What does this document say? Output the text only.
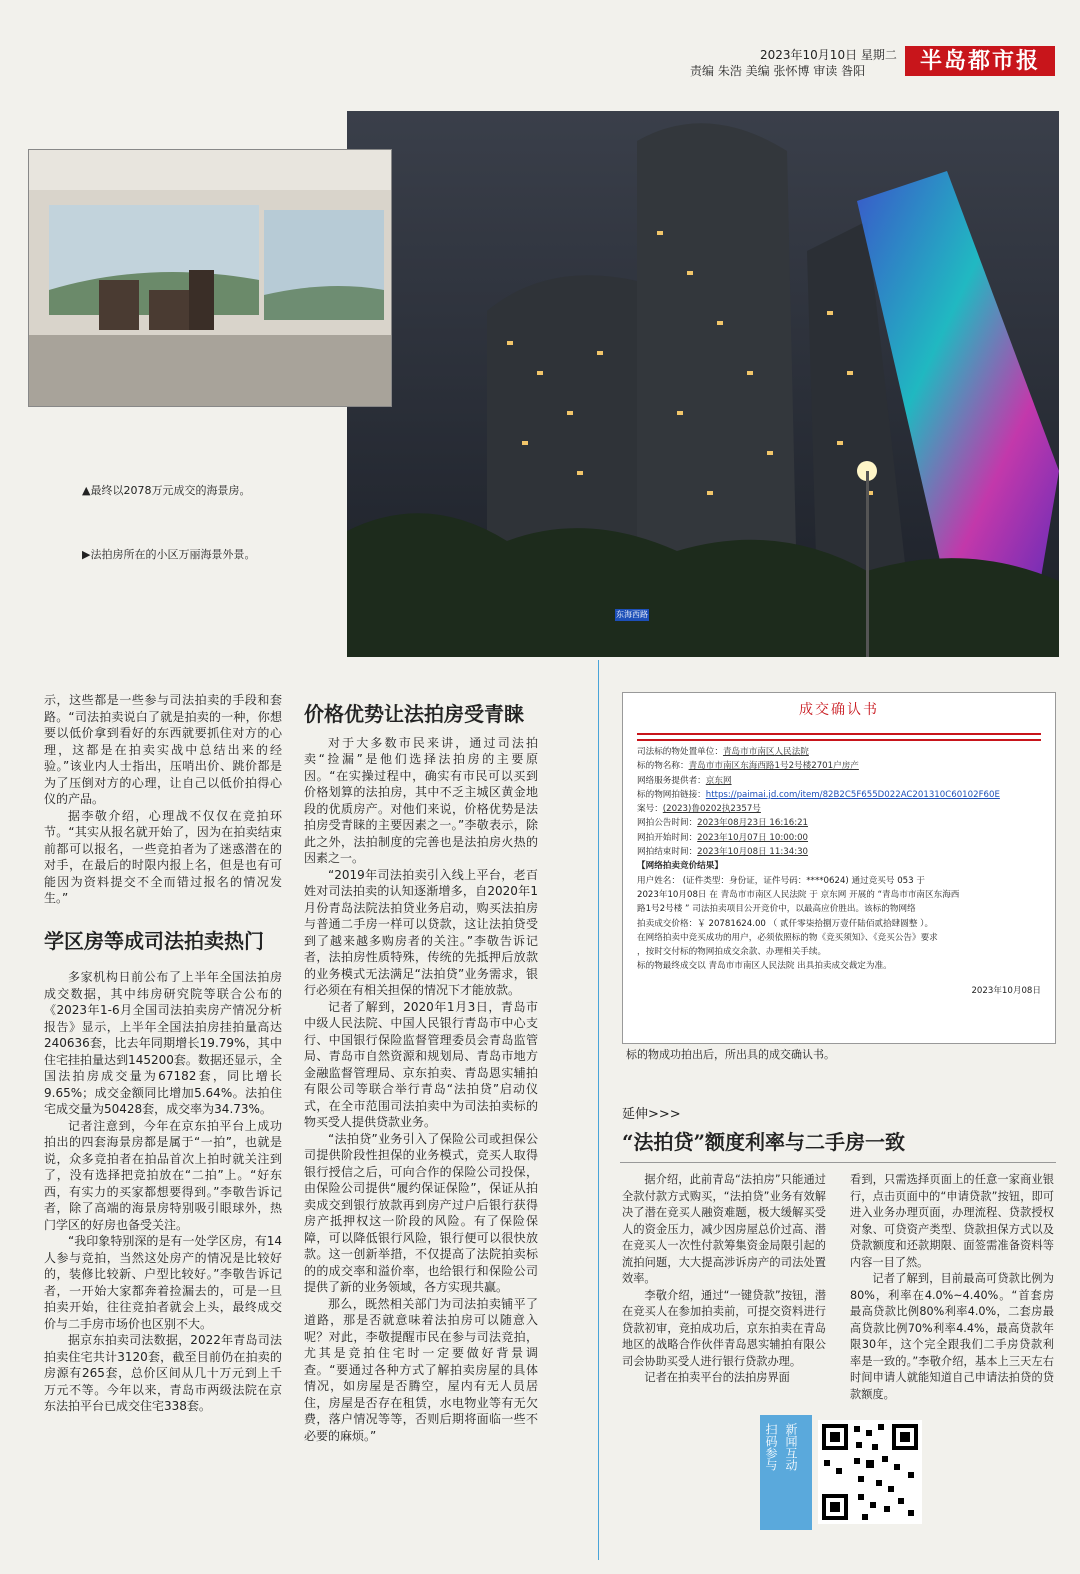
2023年10月10日 星期二
责编 朱浩 美编 张怀博 审读 昝阳	半岛都市报
东海西路
▲最终以2078万元成交的海景房。
▶法拍房所在的小区万丽海景外景。

示，这些都是一些参与司法拍卖的手段和套路。“司法拍卖说白了就是拍卖的一种，你想要以低价拿到看好的东西就要抓住对方的心理，这都是在拍卖实战中总结出来的经验。”该业内人士指出，压哨出价、跳价都是为了压倒对方的心理，让自己以低价拍得心仪的产品。

据李敬介绍，心理战不仅仅在竞拍环节。“其实从报名就开始了，因为在拍卖结束前都可以报名，一些竞拍者为了迷惑潜在的对手，在最后的时限内报上名，但是也有可能因为资料提交不全而错过报名的情况发生。”

学区房等成司法拍卖热门

多家机构日前公布了上半年全国法拍房成交数据，其中纬房研究院等联合公布的《2023年1-6月全国司法拍卖房产情况分析报告》显示，上半年全国法拍房挂拍量高达240636套，比去年同期增长19.79%，其中住宅挂拍量达到145200套。数据还显示，全国法拍房成交量为67182套，同比增长9.65%；成交金额同比增加5.64%。法拍住宅成交量为50428套，成交率为34.73%。

记者注意到，今年在京东拍平台上成功拍出的四套海景房都是属于“一拍”，也就是说，众多竞拍者在拍品首次上拍时就关注到了，没有选择把竞拍放在“二拍”上。“好东西，有实力的买家都想要得到。”李敬告诉记者，除了高端的海景房特别吸引眼球外，热门学区的好房也备受关注。

“我印象特别深的是有一处学区房，有14人参与竞拍，当然这处房产的情况是比较好的，装修比较新、户型比较好。”李敬告诉记者，一开始大家都奔着捡漏去的，可是一旦拍卖开始，往往竞拍者就会上头，最终成交价与二手房市场价也区别不大。

据京东拍卖司法数据，2022年青岛司法拍卖住宅共计3120套，截至目前仍在拍卖的房源有265套，总价区间从几十万元到上千万元不等。今年以来，青岛市两级法院在京东法拍平台已成交住宅338套。

价格优势让法拍房受青睐

对于大多数市民来讲，通过司法拍卖“捡漏”是他们选择法拍房的主要原因。“在实操过程中，确实有市民可以买到价格划算的法拍房，其中不乏主城区黄金地段的优质房产。对他们来说，价格优势是法拍房受青睐的主要因素之一。”李敬表示，除此之外，法拍制度的完善也是法拍房火热的因素之一。

“2019年司法拍卖引入线上平台，老百姓对司法拍卖的认知逐渐增多，自2020年1月份青岛法院法拍贷业务启动，购买法拍房与普通二手房一样可以贷款，这让法拍贷受到了越来越多购房者的关注。”李敬告诉记者，法拍房性质特殊，传统的先抵押后放款的业务模式无法满足“法拍贷”业务需求，银行必须在有相关担保的情况下才能放款。

记者了解到，2020年1月3日，青岛市中级人民法院、中国人民银行青岛市中心支行、中国银行保险监督管理委员会青岛监管局、青岛市自然资源和规划局、青岛市地方金融监督管理局、京东拍卖、青岛恩实辅拍有限公司等联合举行青岛“法拍贷”启动仪式，在全市范围司法拍卖中为司法拍卖标的物买受人提供贷款业务。

“法拍贷”业务引入了保险公司或担保公司提供阶段性担保的业务模式，竞买人取得银行授信之后，可向合作的保险公司投保，由保险公司提供“履约保证保险”，保证从拍卖成交到银行放款再到房产过户后银行获得房产抵押权这一阶段的风险。有了保险保障，可以降低银行风险，银行便可以很快放款。这一创新举措，不仅提高了法院拍卖标的的成交率和溢价率，也给银行和保险公司提供了新的业务领域，各方实现共赢。

那么，既然相关部门为司法拍卖铺平了道路，那是否就意味着法拍房可以随意入呢？对此，李敬提醒市民在参与司法竞拍，尤其是竞拍住宅时一定要做好背景调查。“要通过各种方式了解拍卖房屋的具体情况，如房屋是否腾空，屋内有无人员居住，房屋是否存在租赁，水电物业等有无欠费，落户情况等等，否则后期将面临一些不必要的麻烦。”

成交确认书
司法标的物处置单位：青岛市市南区人民法院
标的物名称：青岛市市南区东海西路1号2号楼2701户房产
网络服务提供者：京东网
标的物网拍链接：https://paimai.jd.com/item/82B2C5F655D022AC201310C60102F60E
案号：(2023)鲁0202执2357号
网拍公告时间：2023年08月23日 16:16:21
网拍开始时间：2023年10月07日 10:00:00
网拍结束时间：2023年10月08日 11:34:30
【网络拍卖竞价结果】
用户姓名： (证件类型：身份证，证件号码：****0624) 通过竞买号 053 于
2023年10月08日 在 青岛市市南区人民法院 于 京东网 开展的 “青岛市市南区东海西
路1号2号楼 ” 司法拍卖项目公开竞价中，以最高应价胜出。该标的物网络
拍卖成交价格：￥ 20781624.00 （ 贰仟零柒拾捌万壹仟陆佰贰拾肆圆整 ）。
在网络拍卖中竞买成功的用户，必须依照标的物《竞买须知》、《竞买公告》要求
，按时交付标的物网拍成交余款、办理相关手续。
标的物最终成交以 青岛市市南区人民法院 出具拍卖成交裁定为准。
2023年10月08日
标的物成功拍出后，所出具的成交确认书。
延伸>>>
“法拍贷”额度利率与二手房一致

据介绍，此前青岛“法拍房”只能通过全款付款方式购买，“法拍贷”业务有效解决了潜在竞买人融资难题，极大缓解买受人的资金压力，减少因房屋总价过高、潜在竞买人一次性付款筹集资金局限引起的流拍问题，大大提高涉诉房产的司法处置效率。

李敬介绍，通过“一键贷款”按钮，潜在竞买人在参加拍卖前，可提交资料进行贷款初审，竞拍成功后，京东拍卖在青岛地区的战略合作伙伴青岛恩实辅拍有限公司会协助买受人进行银行贷款办理。

记者在拍卖平台的法拍房界面

看到，只需选择页面上的任意一家商业银行，点击页面中的“申请贷款”按钮，即可进入业务办理页面，办理流程、贷款授权对象、可贷资产类型、贷款担保方式以及贷款额度和还款期限、面签需准备资料等内容一目了然。

记者了解到，目前最高可贷款比例为80%，利率在4.0%~4.40%。“首套房最高贷款比例80%利率4.0%，二套房最高贷款比例70%利率4.4%，最高贷款年限30年，这个完全跟我们二手房贷款利率是一致的。”李敬介绍，基本上三天左右时间申请人就能知道自己申请法拍贷的贷款额度。

扫码参与 新闻互动
